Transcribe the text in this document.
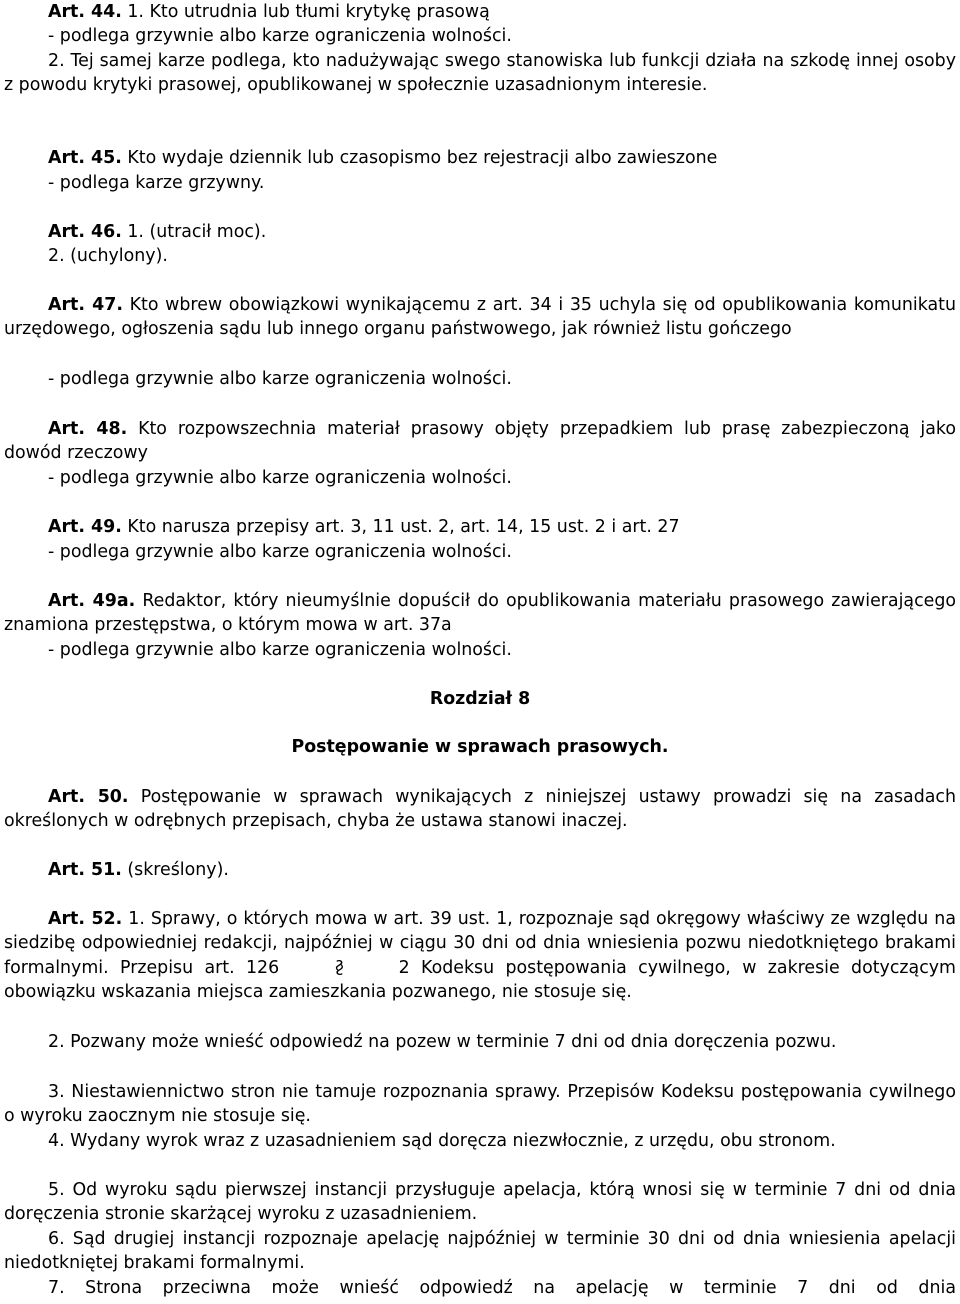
Art. 44. 1. Kto utrudnia lub tłumi krytykę prasową

- podlega grzywnie albo karze ograniczenia wolności.

2. Tej samej karze podlega, kto nadużywając swego stanowiska lub funkcji działa na szkodę innej osoby z powodu krytyki prasowej, opublikowanej w społecznie uzasadnionym interesie.

Art. 45. Kto wydaje dziennik lub czasopismo bez rejestracji albo zawieszone

- podlega karze grzywny.

Art. 46. 1. (utracił moc).

2. (uchylony).

Art. 47. Kto wbrew obowiązkowi wynikającemu z art. 34 i 35 uchyla się od opublikowania komunikatu urzędowego, ogłoszenia sądu lub innego organu państwowego, jak również listu gończego

- podlega grzywnie albo karze ograniczenia wolności.

Art. 48. Kto rozpowszechnia materiał prasowy objęty przepadkiem lub prasę zabezpieczoną jako dowód rzeczowy

- podlega grzywnie albo karze ograniczenia wolności.

Art. 49. Kto narusza przepisy art. 3, 11 ust. 2, art. 14, 15 ust. 2 i art. 27

- podlega grzywnie albo karze ograniczenia wolności.

Art. 49a. Redaktor, który nieumyślnie dopuścił do opublikowania materiału prasowego zawierającego znamiona przestępstwa, o którym mowa w art. 37a

- podlega grzywnie albo karze ograniczenia wolności.

Rozdział 8

Postępowanie w sprawach prasowych.

Art. 50. Postępowanie w sprawach wynikających z niniejszej ustawy prowadzi się na zasadach określonych w odrębnych przepisach, chyba że ustawa stanowi inaczej.

Art. 51. (skreślony).

Art. 52. 1. Sprawy, o których mowa w art. 39 ust. 1, rozpoznaje sąd okręgowy właściwy ze względu na siedzibę odpowiedniej redakcji, najpóźniej w ciągu 30 dni od dnia wniesienia pozwu niedotkniętego brakami formalnymi. Przepisu art. 126	§	2 Kodeksu postępowania cywilnego, w zakresie dotyczącym obowiązku wskazania miejsca zamieszkania pozwanego, nie stosuje się.

2. Pozwany może wnieść odpowiedź na pozew w terminie 7 dni od dnia doręczenia pozwu.

3. Niestawiennictwo stron nie tamuje rozpoznania sprawy. Przepisów Kodeksu postępowania cywilnego o wyroku zaocznym nie stosuje się.

4. Wydany wyrok wraz z uzasadnieniem sąd doręcza niezwłocznie, z urzędu, obu stronom.

5. Od wyroku sądu pierwszej instancji przysługuje apelacja, którą wnosi się w terminie 7 dni od dnia doręczenia stronie skarżącej wyroku z uzasadnieniem.

6. Sąd drugiej instancji rozpoznaje apelację najpóźniej w terminie 30 dni od dnia wniesienia apelacji niedotkniętej brakami formalnymi.

7. Strona przeciwna może wnieść odpowiedź na apelację w terminie 7 dni od dnia
